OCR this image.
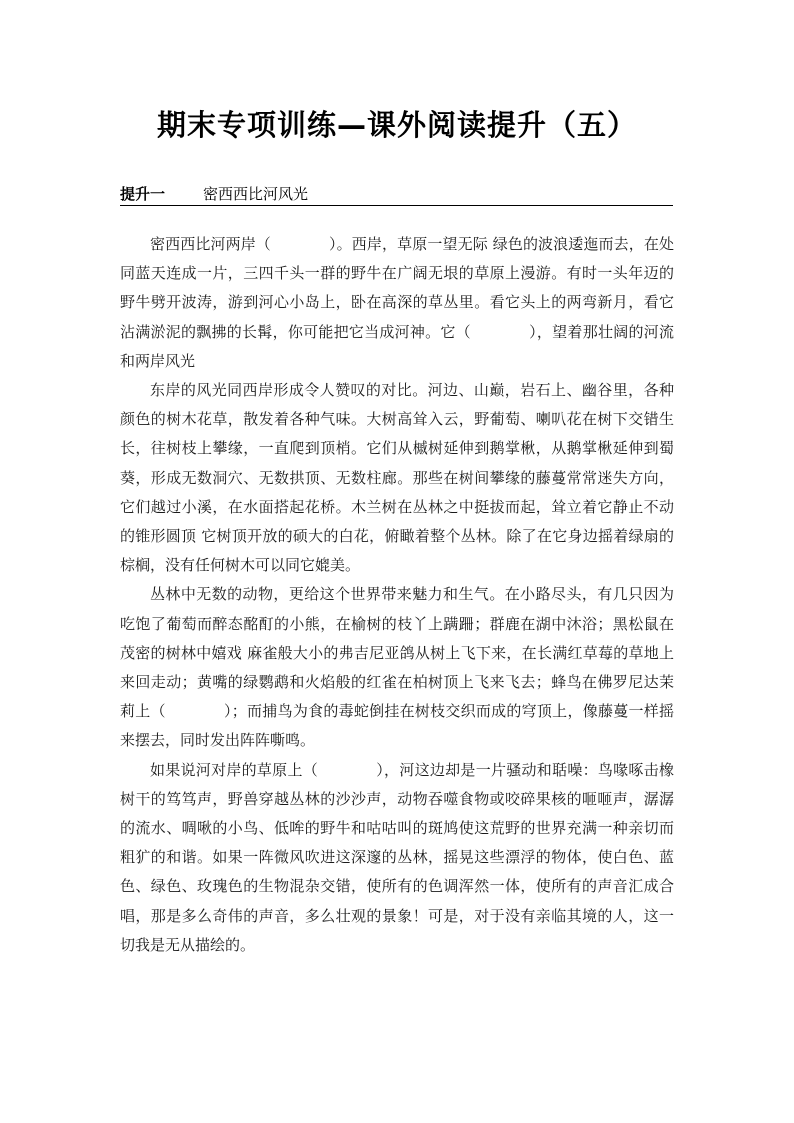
期末专项训练—课外阅读提升（五）
提升一	密西西比河风光

密西西比河两岸（	）。西岸，草原一望无际 绿色的波浪逶迤而去，在处同蓝天连成一片，三四千头一群的野牛在广阔无垠的草原上漫游。有时一头年迈的野牛劈开波涛，游到河心小岛上，卧在高深的草丛里。看它头上的两弯新月，看它沾满淤泥的飘拂的长髯，你可能把它当成河神。它（	），望着那壮阔的河流和两岸风光

东岸的风光同西岸形成令人赞叹的对比。河边、山巅，岩石上、幽谷里，各种颜色的树木花草，散发着各种气味。大树高耸入云，野葡萄、喇叭花在树下交错生长，往树枝上攀缘，一直爬到顶梢。它们从槭树延伸到鹅掌楸，从鹅掌楸延伸到蜀葵，形成无数洞穴、无数拱顶、无数柱廊。那些在树间攀缘的藤蔓常常迷失方向，它们越过小溪，在水面搭起花桥。木兰树在丛林之中挺拔而起，耸立着它静止不动的锥形圆顶 它树顶开放的硕大的白花，俯瞰着整个丛林。除了在它身边摇着绿扇的棕榈，没有任何树木可以同它媲美。

丛林中无数的动物，更给这个世界带来魅力和生气。在小路尽头，有几只因为吃饱了葡萄而醉态酩酊的小熊，在榆树的枝丫上蹒跚；群鹿在湖中沐浴；黑松鼠在茂密的树林中嬉戏 麻雀般大小的弗吉尼亚鸽从树上飞下来，在长满红草莓的草地上来回走动；黄嘴的绿鹦鹉和火焰般的红雀在柏树顶上飞来飞去；蜂鸟在佛罗尼达茉莉上（	）；而捕鸟为食的毒蛇倒挂在树枝交织而成的穹顶上，像藤蔓一样摇来摆去，同时发出阵阵嘶鸣。

如果说河对岸的草原上（	），河这边却是一片骚动和聒噪：鸟喙啄击橡树干的笃笃声，野兽穿越丛林的沙沙声，动物吞噬食物或咬碎果核的咂咂声，潺潺的流水、啁啾的小鸟、低哞的野牛和咕咕叫的斑鸠使这荒野的世界充满一种亲切而粗犷的和谐。如果一阵微风吹进这深邃的丛林，摇晃这些漂浮的物体，使白色、蓝色、绿色、玫瑰色的生物混杂交错，使所有的色调浑然一体，使所有的声音汇成合唱，那是多么奇伟的声音，多么壮观的景象！可是，对于没有亲临其境的人，这一切我是无从描绘的。
